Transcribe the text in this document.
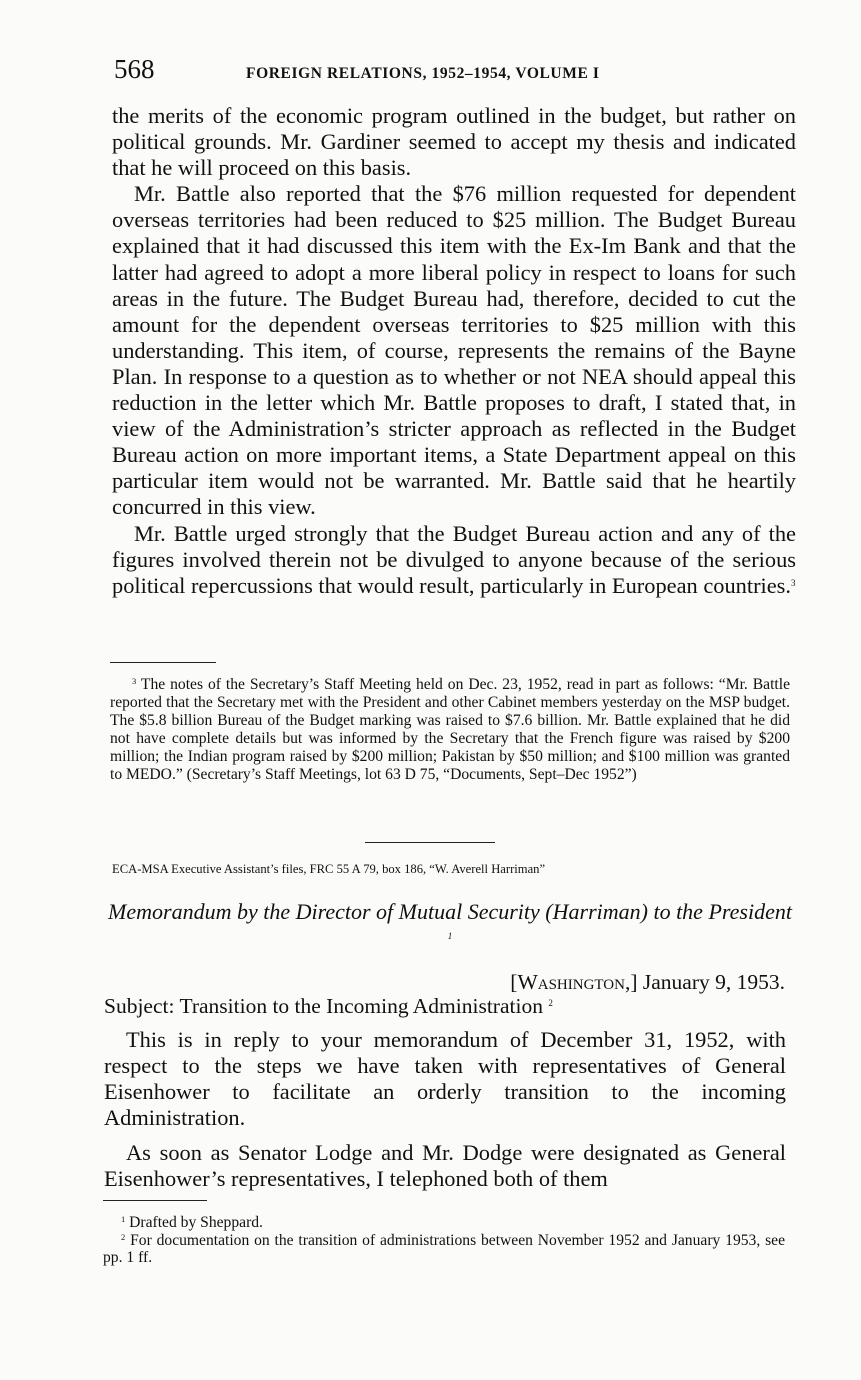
568	FOREIGN RELATIONS, 1952–1954, VOLUME I

the merits of the economic program outlined in the budget, but rather on political grounds. Mr. Gardiner seemed to accept my thesis and indicated that he will proceed on this basis.

Mr. Battle also reported that the $76 million requested for dependent overseas territories had been reduced to $25 million. The Budget Bureau explained that it had discussed this item with the Ex-Im Bank and that the latter had agreed to adopt a more liberal policy in respect to loans for such areas in the future. The Budget Bureau had, therefore, decided to cut the amount for the dependent overseas territories to $25 million with this understanding. This item, of course, represents the remains of the Bayne Plan. In response to a question as to whether or not NEA should appeal this reduction in the letter which Mr. Battle proposes to draft, I stated that, in view of the Administration’s stricter approach as reflected in the Budget Bureau action on more important items, a State Department appeal on this particular item would not be warranted. Mr. Battle said that he heartily concurred in this view.

Mr. Battle urged strongly that the Budget Bureau action and any of the figures involved therein not be divulged to anyone because of the serious political repercussions that would result, particularly in European countries.$^3$

$^3$ The notes of the Secretary’s Staff Meeting held on Dec. 23, 1952, read in part as follows: “Mr. Battle reported that the Secretary met with the President and other Cabinet members yesterday on the MSP budget. The $5.8 billion Bureau of the Budget marking was raised to $7.6 billion. Mr. Battle explained that he did not have complete details but was informed by the Secretary that the French figure was raised by $200 million; the Indian program raised by $200 million; Pakistan by $50 million; and $100 million was granted to MEDO.” (Secretary’s Staff Meetings, lot 63 D 75, “Documents, Sept–Dec 1952”)

ECA-MSA Executive Assistant’s files, FRC 55 A 79, box 186, “W. Averell Harriman”
Memorandum by the Director of Mutual Security (Harriman) to the President $^1$
[Washington,] January 9, 1953.
Subject: Transition to the Incoming Administration $^2$

This is in reply to your memorandum of December 31, 1952, with respect to the steps we have taken with representatives of General Eisenhower to facilitate an orderly transition to the incoming Administration.

As soon as Senator Lodge and Mr. Dodge were designated as General Eisenhower’s representatives, I telephoned both of them

$^1$ Drafted by Sheppard.

$^2$ For documentation on the transition of administrations between November 1952 and January 1953, see pp. 1 ff.
